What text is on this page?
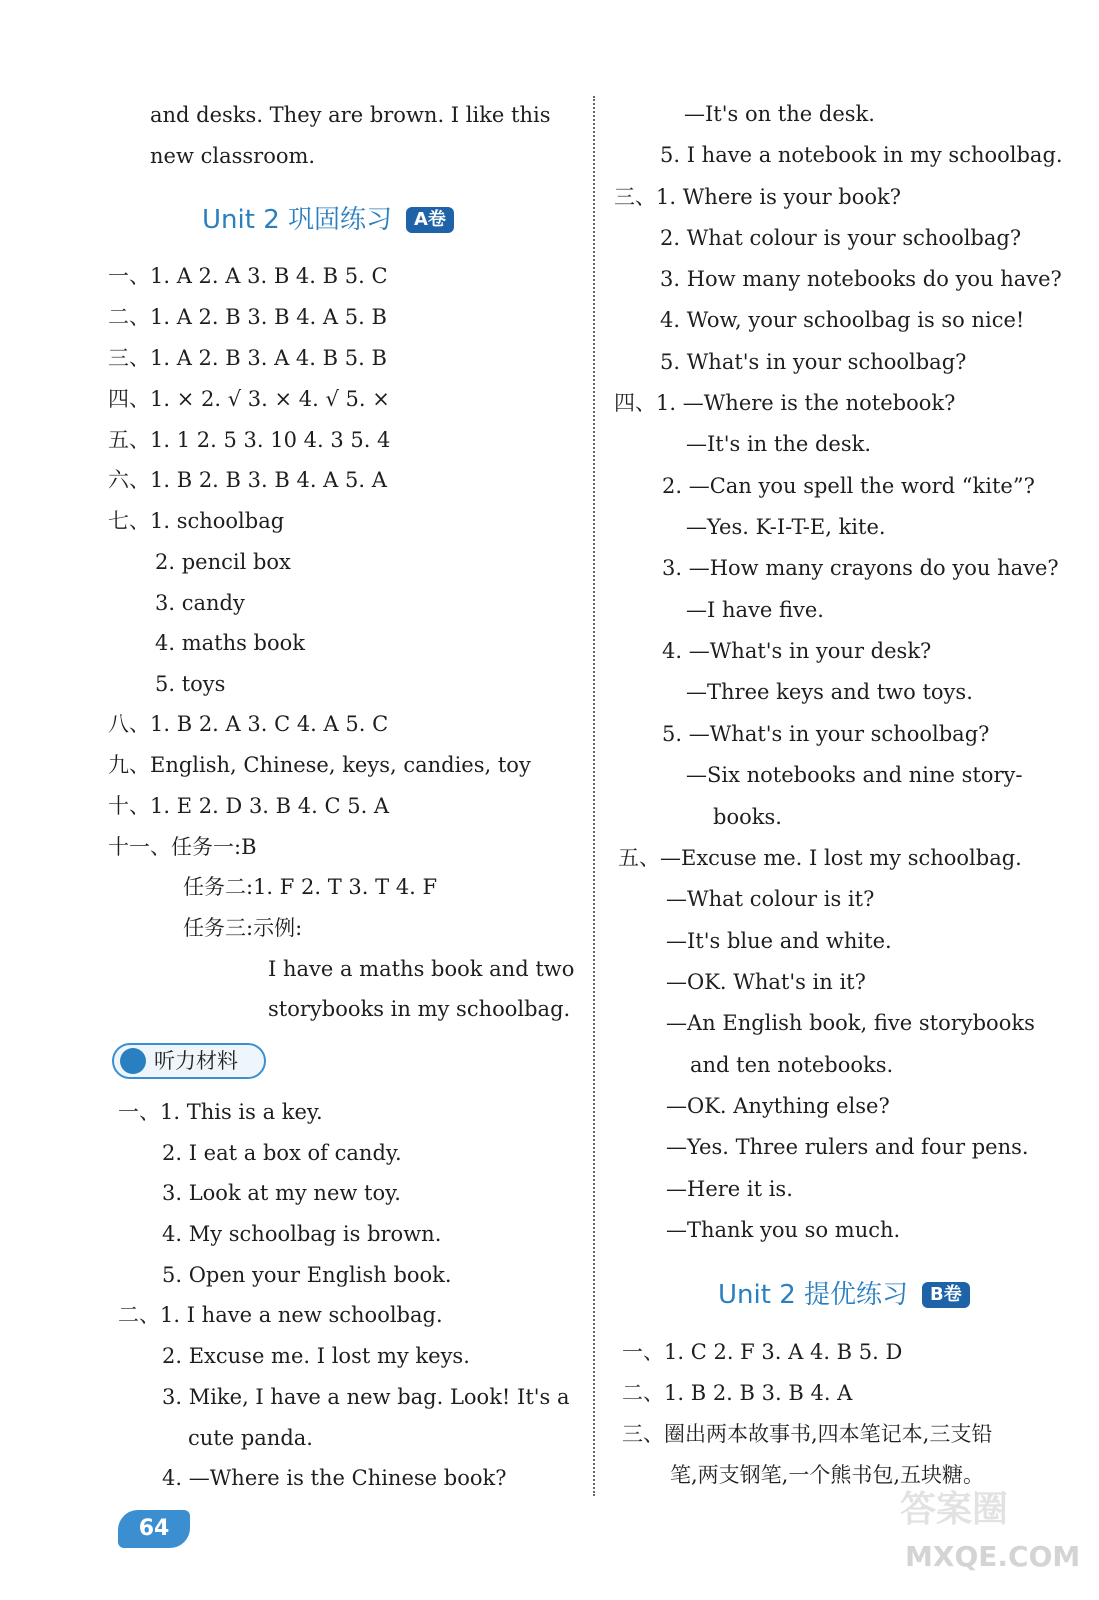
and desks. They are brown. I like this
new classroom.
Unit 2 巩固练习 A卷
一、1. A 2. A 3. B 4. B 5. C
二、1. A 2. B 3. B 4. A 5. B
三、1. A 2. B 3. A 4. B 5. B
四、1. × 2. √ 3. × 4. √ 5. ×
五、1. 1 2. 5 3. 10 4. 3 5. 4
六、1. B 2. B 3. B 4. A 5. A
七、1. schoolbag
2. pencil box
3. candy
4. maths book
5. toys
八、1. B 2. A 3. C 4. A 5. C
九、English, Chinese, keys, candies, toy
十、1. E 2. D 3. B 4. C 5. A
十一、任务一:B
任务二:1. F 2. T 3. T 4. F
任务三:示例:
I have a maths book and two
storybooks in my schoolbag.
听力材料
一、1. This is a key.
2. I eat a box of candy.
3. Look at my new toy.
4. My schoolbag is brown.
5. Open your English book.
二、1. I have a new schoolbag.
2. Excuse me. I lost my keys.
3. Mike, I have a new bag. Look! It's a
cute panda.
4. —Where is the Chinese book?
—It's on the desk.
5. I have a notebook in my schoolbag.
三、1. Where is your book?
2. What colour is your schoolbag?
3. How many notebooks do you have?
4. Wow, your schoolbag is so nice!
5. What's in your schoolbag?
四、1. —Where is the notebook?
—It's in the desk.
2. —Can you spell the word “kite”?
—Yes. K-I-T-E, kite.
3. —How many crayons do you have?
—I have five.
4. —What's in your desk?
—Three keys and two toys.
5. —What's in your schoolbag?
—Six notebooks and nine story-
books.
五、—Excuse me. I lost my schoolbag.
—What colour is it?
—It's blue and white.
—OK. What's in it?
—An English book, five storybooks
and ten notebooks.
—OK. Anything else?
—Yes. Three rulers and four pens.
—Here it is.
—Thank you so much.
Unit 2 提优练习 B卷
一、1. C 2. F 3. A 4. B 5. D
二、1. B 2. B 3. B 4. A
三、圈出两本故事书,四本笔记本,三支铅
笔,两支钢笔,一个熊书包,五块糖。
64	答案圈
MXQE.COM
